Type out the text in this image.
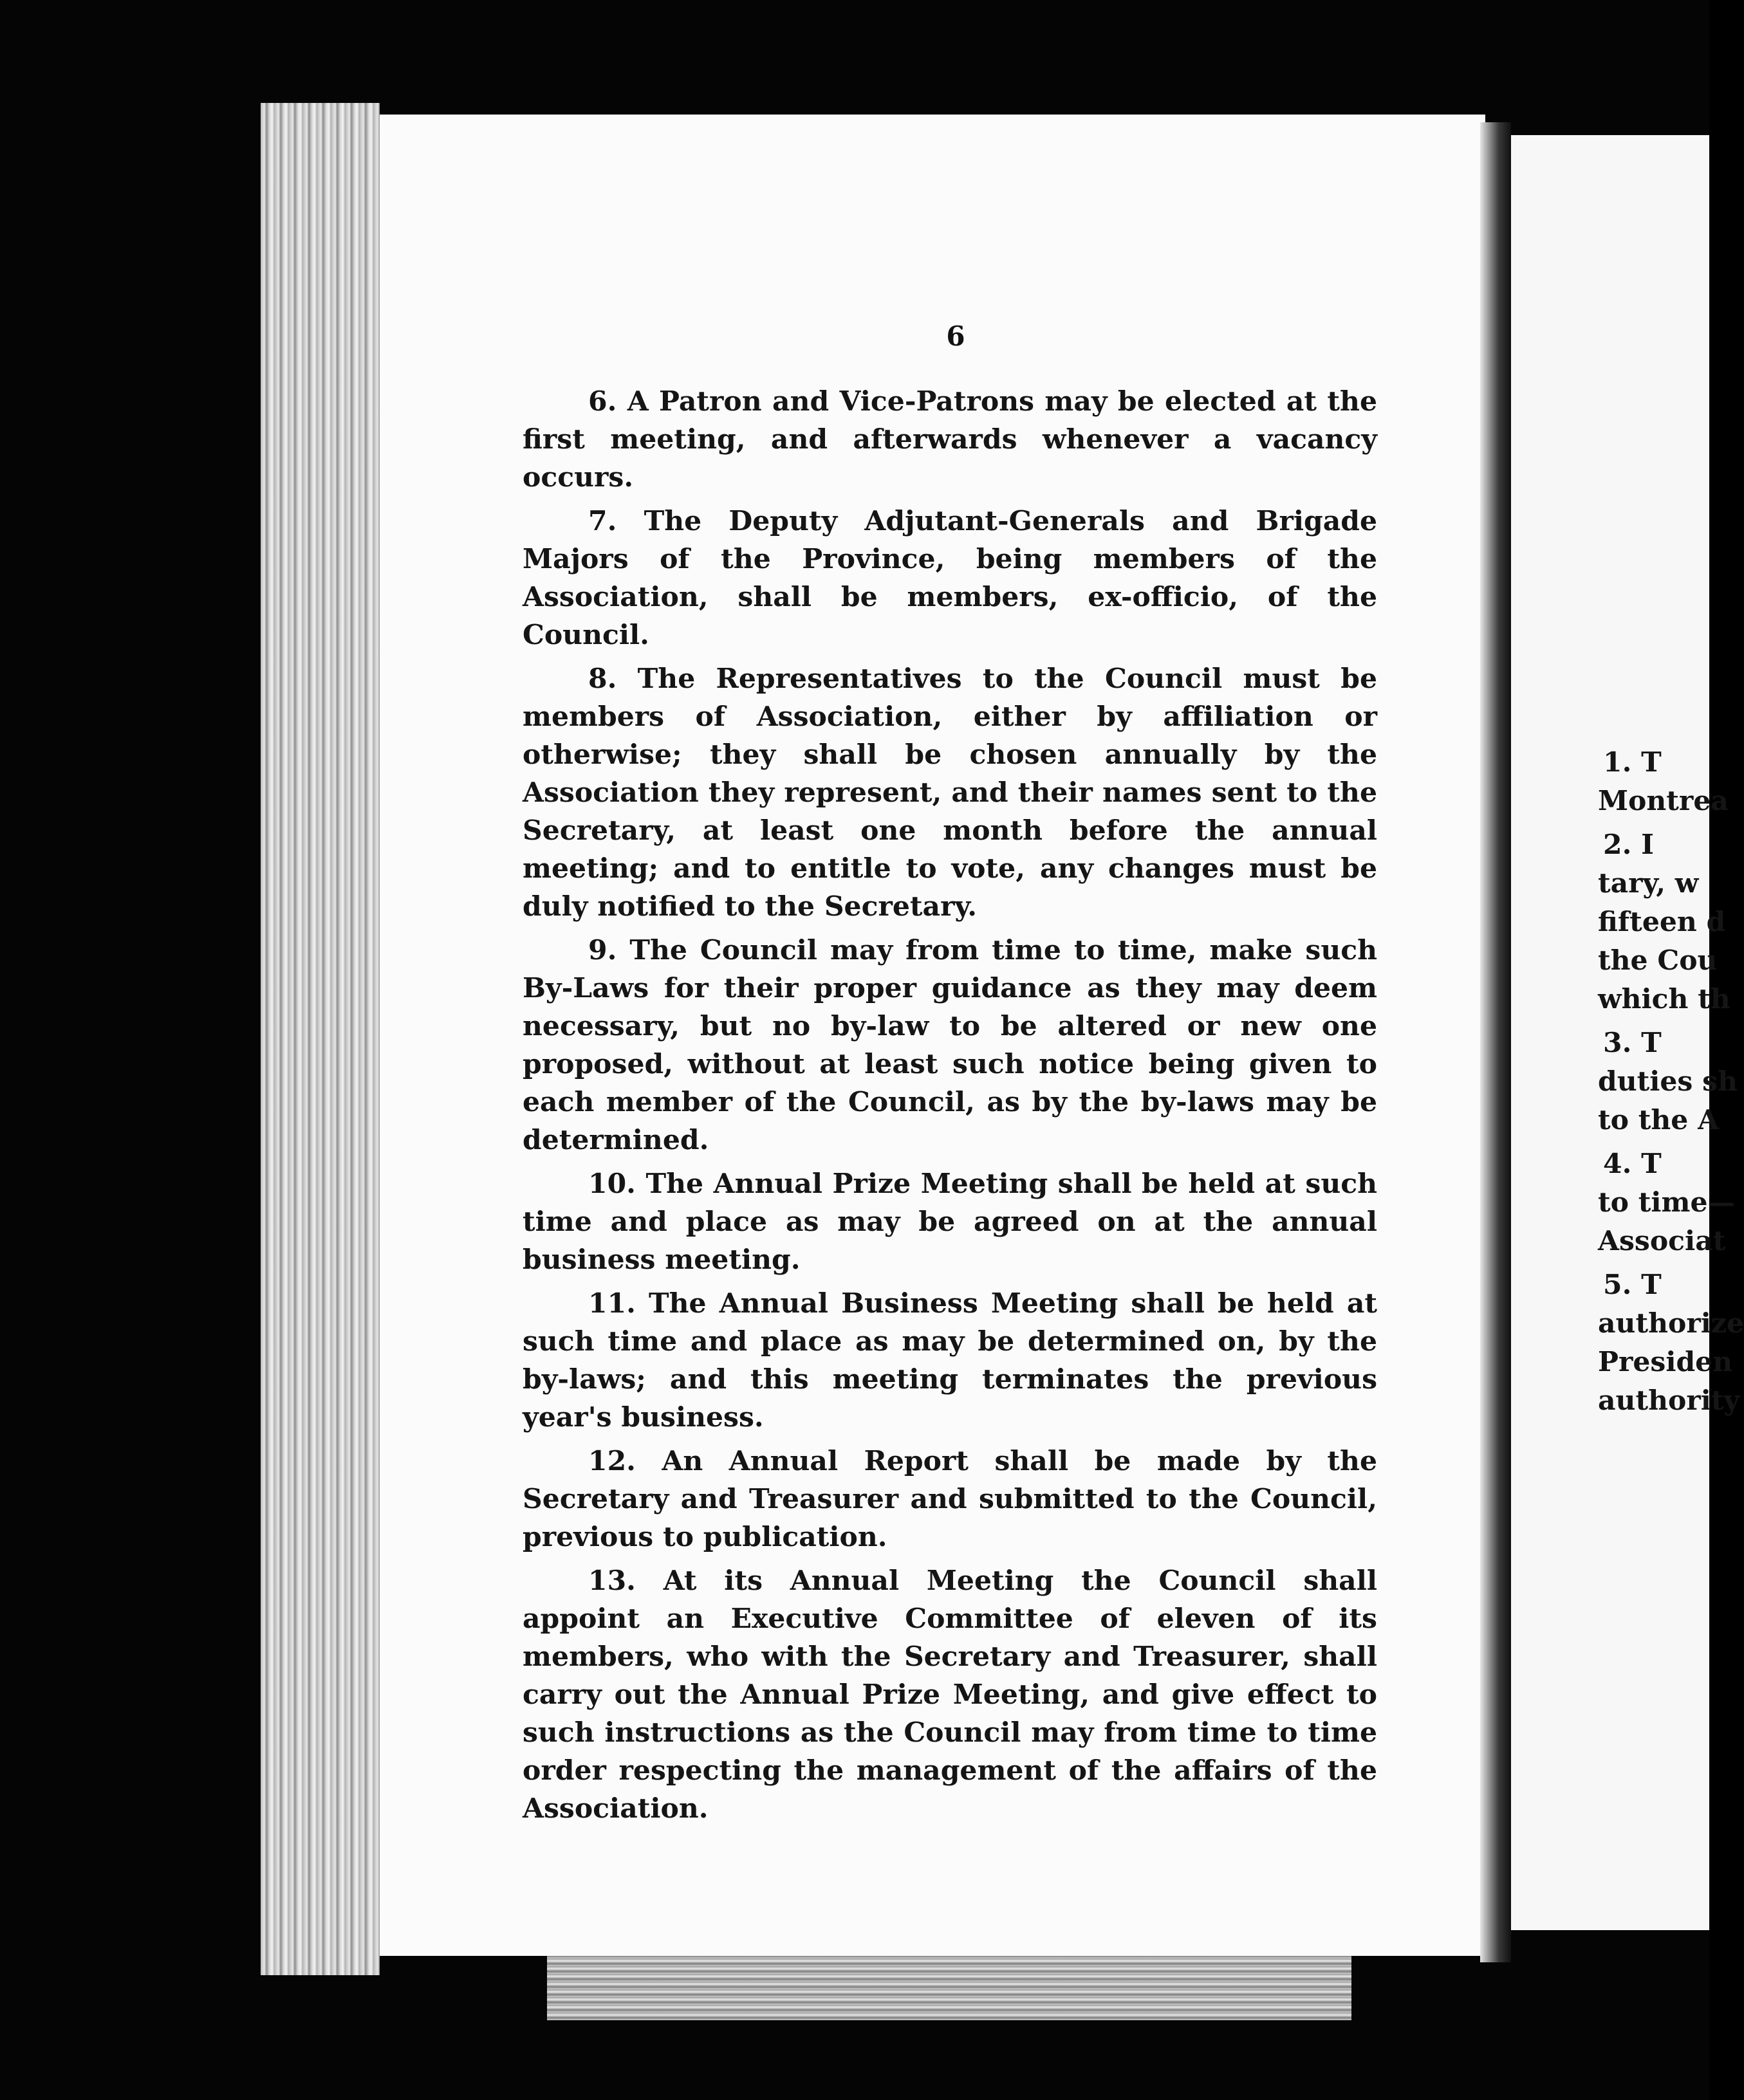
6

6. A Patron and Vice-Patrons may be elected at the first meeting, and afterwards whenever a vacancy occurs.

7. The Deputy Adjutant-Generals and Brigade Majors of the Province, being members of the Association, shall be members, ex-officio, of the Council.

8. The Representatives to the Council must be members of Association, either by affiliation or otherwise; they shall be chosen annually by the Association they represent, and their names sent to the Secretary, at least one month before the annual meeting; and to entitle to vote, any changes must be duly notified to the Secretary.

9. The Council may from time to time, make such By-Laws for their proper guidance as they may deem necessary, but no by-law to be altered or new one proposed, without at least such notice being given to each member of the Council, as by the by-laws may be determined.

10. The Annual Prize Meeting shall be held at such time and place as may be agreed on at the annual business meeting.

11. The Annual Business Meeting shall be held at such time and place as may be determined on, by the by-laws; and this meeting terminates the previous year's business.

12. An Annual Report shall be made by the Secretary and Treasurer and submitted to the Council, previous to publication.

13. At its Annual Meeting the Council shall appoint an Executive Committee of eleven of its members, who with the Secretary and Treasurer, shall carry out the Annual Prize Meeting, and give effect to such instructions as the Council may from time to time order respecting the management of the affairs of the Association.

1. T
Montrea
2. I
tary, w
fifteen d
the Cou
which th
3. T
duties sh
to the A
4. T
to time—
Associat
5. T
authorize
Presiden
authority
